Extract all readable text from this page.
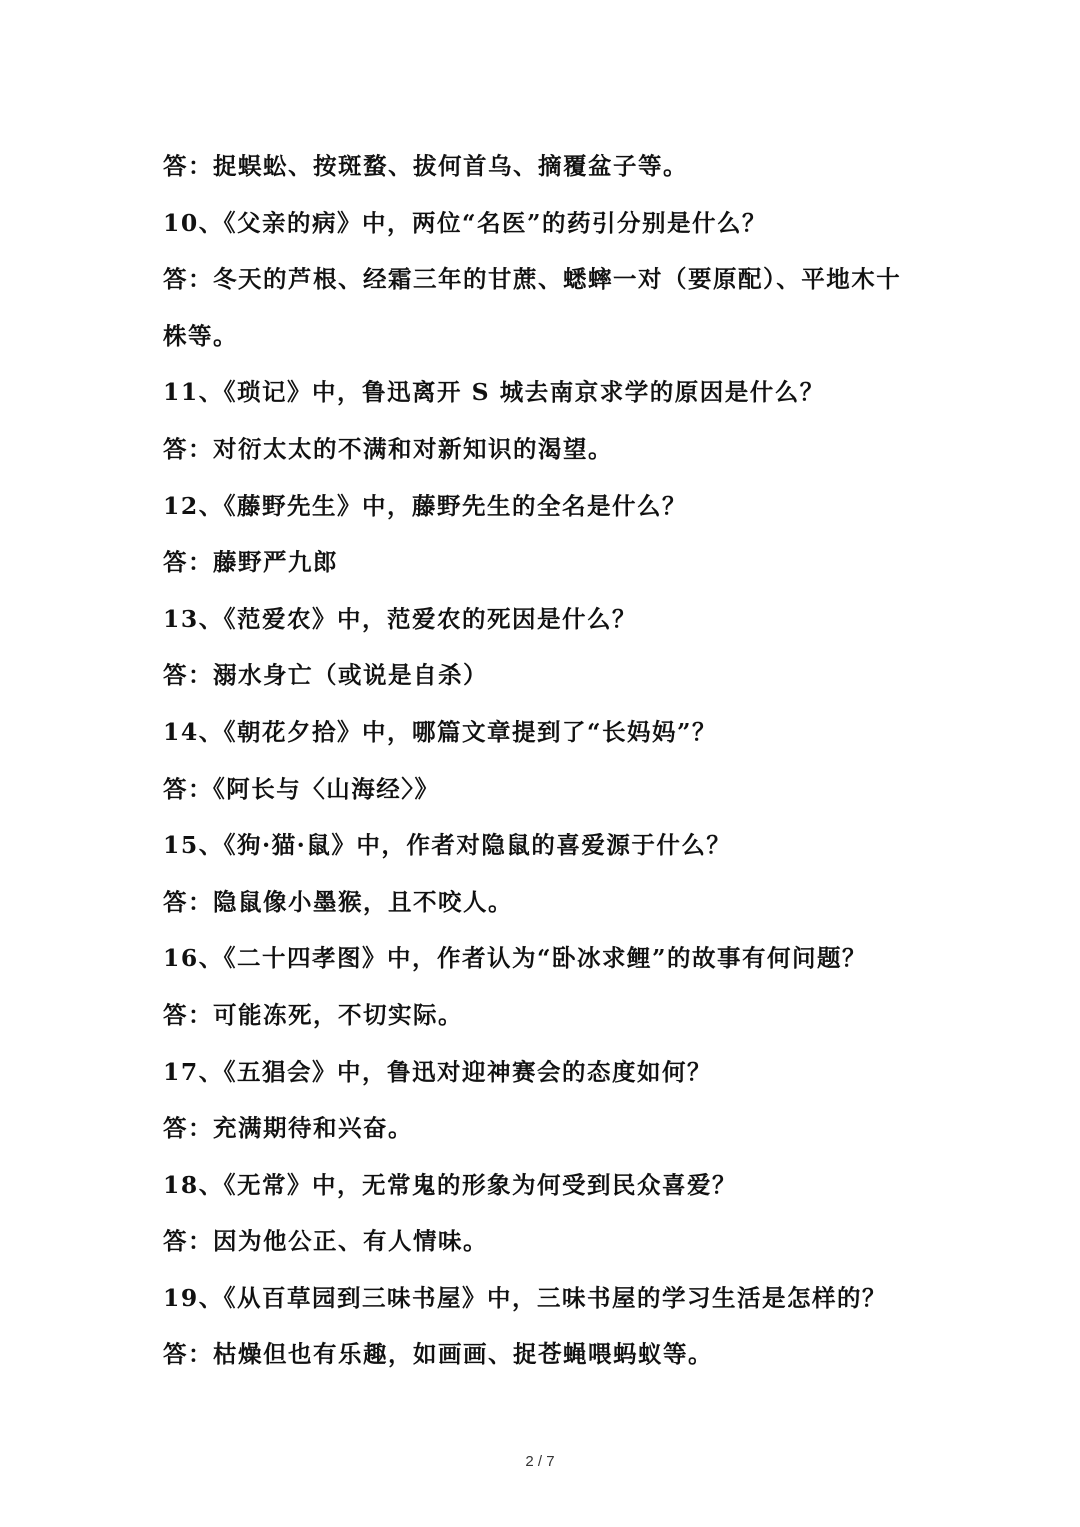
答：捉蜈蚣、按斑蝥、拔何首乌、摘覆盆子等。
10、《父亲的病》中，两位“名医”的药引分别是什么？
答：冬天的芦根、经霜三年的甘蔗、蟋蟀一对（要原配）、平地木十株等。
11、《琐记》中，鲁迅离开 S 城去南京求学的原因是什么？
答：对衍太太的不满和对新知识的渴望。
12、《藤野先生》中，藤野先生的全名是什么？
答：藤野严九郎
13、《范爱农》中，范爱农的死因是什么？
答：溺水身亡（或说是自杀）
14、《朝花夕拾》中，哪篇文章提到了“长妈妈”？
答：《阿长与〈山海经〉》
15、《狗·猫·鼠》中，作者对隐鼠的喜爱源于什么？
答：隐鼠像小墨猴，且不咬人。
16、《二十四孝图》中，作者认为“卧冰求鲤”的故事有何问题？
答：可能冻死，不切实际。
17、《五猖会》中，鲁迅对迎神赛会的态度如何？
答：充满期待和兴奋。
18、《无常》中，无常鬼的形象为何受到民众喜爱？
答：因为他公正、有人情味。
19、《从百草园到三味书屋》中，三味书屋的学习生活是怎样的？
答：枯燥但也有乐趣，如画画、捉苍蝇喂蚂蚁等。
2 / 7
